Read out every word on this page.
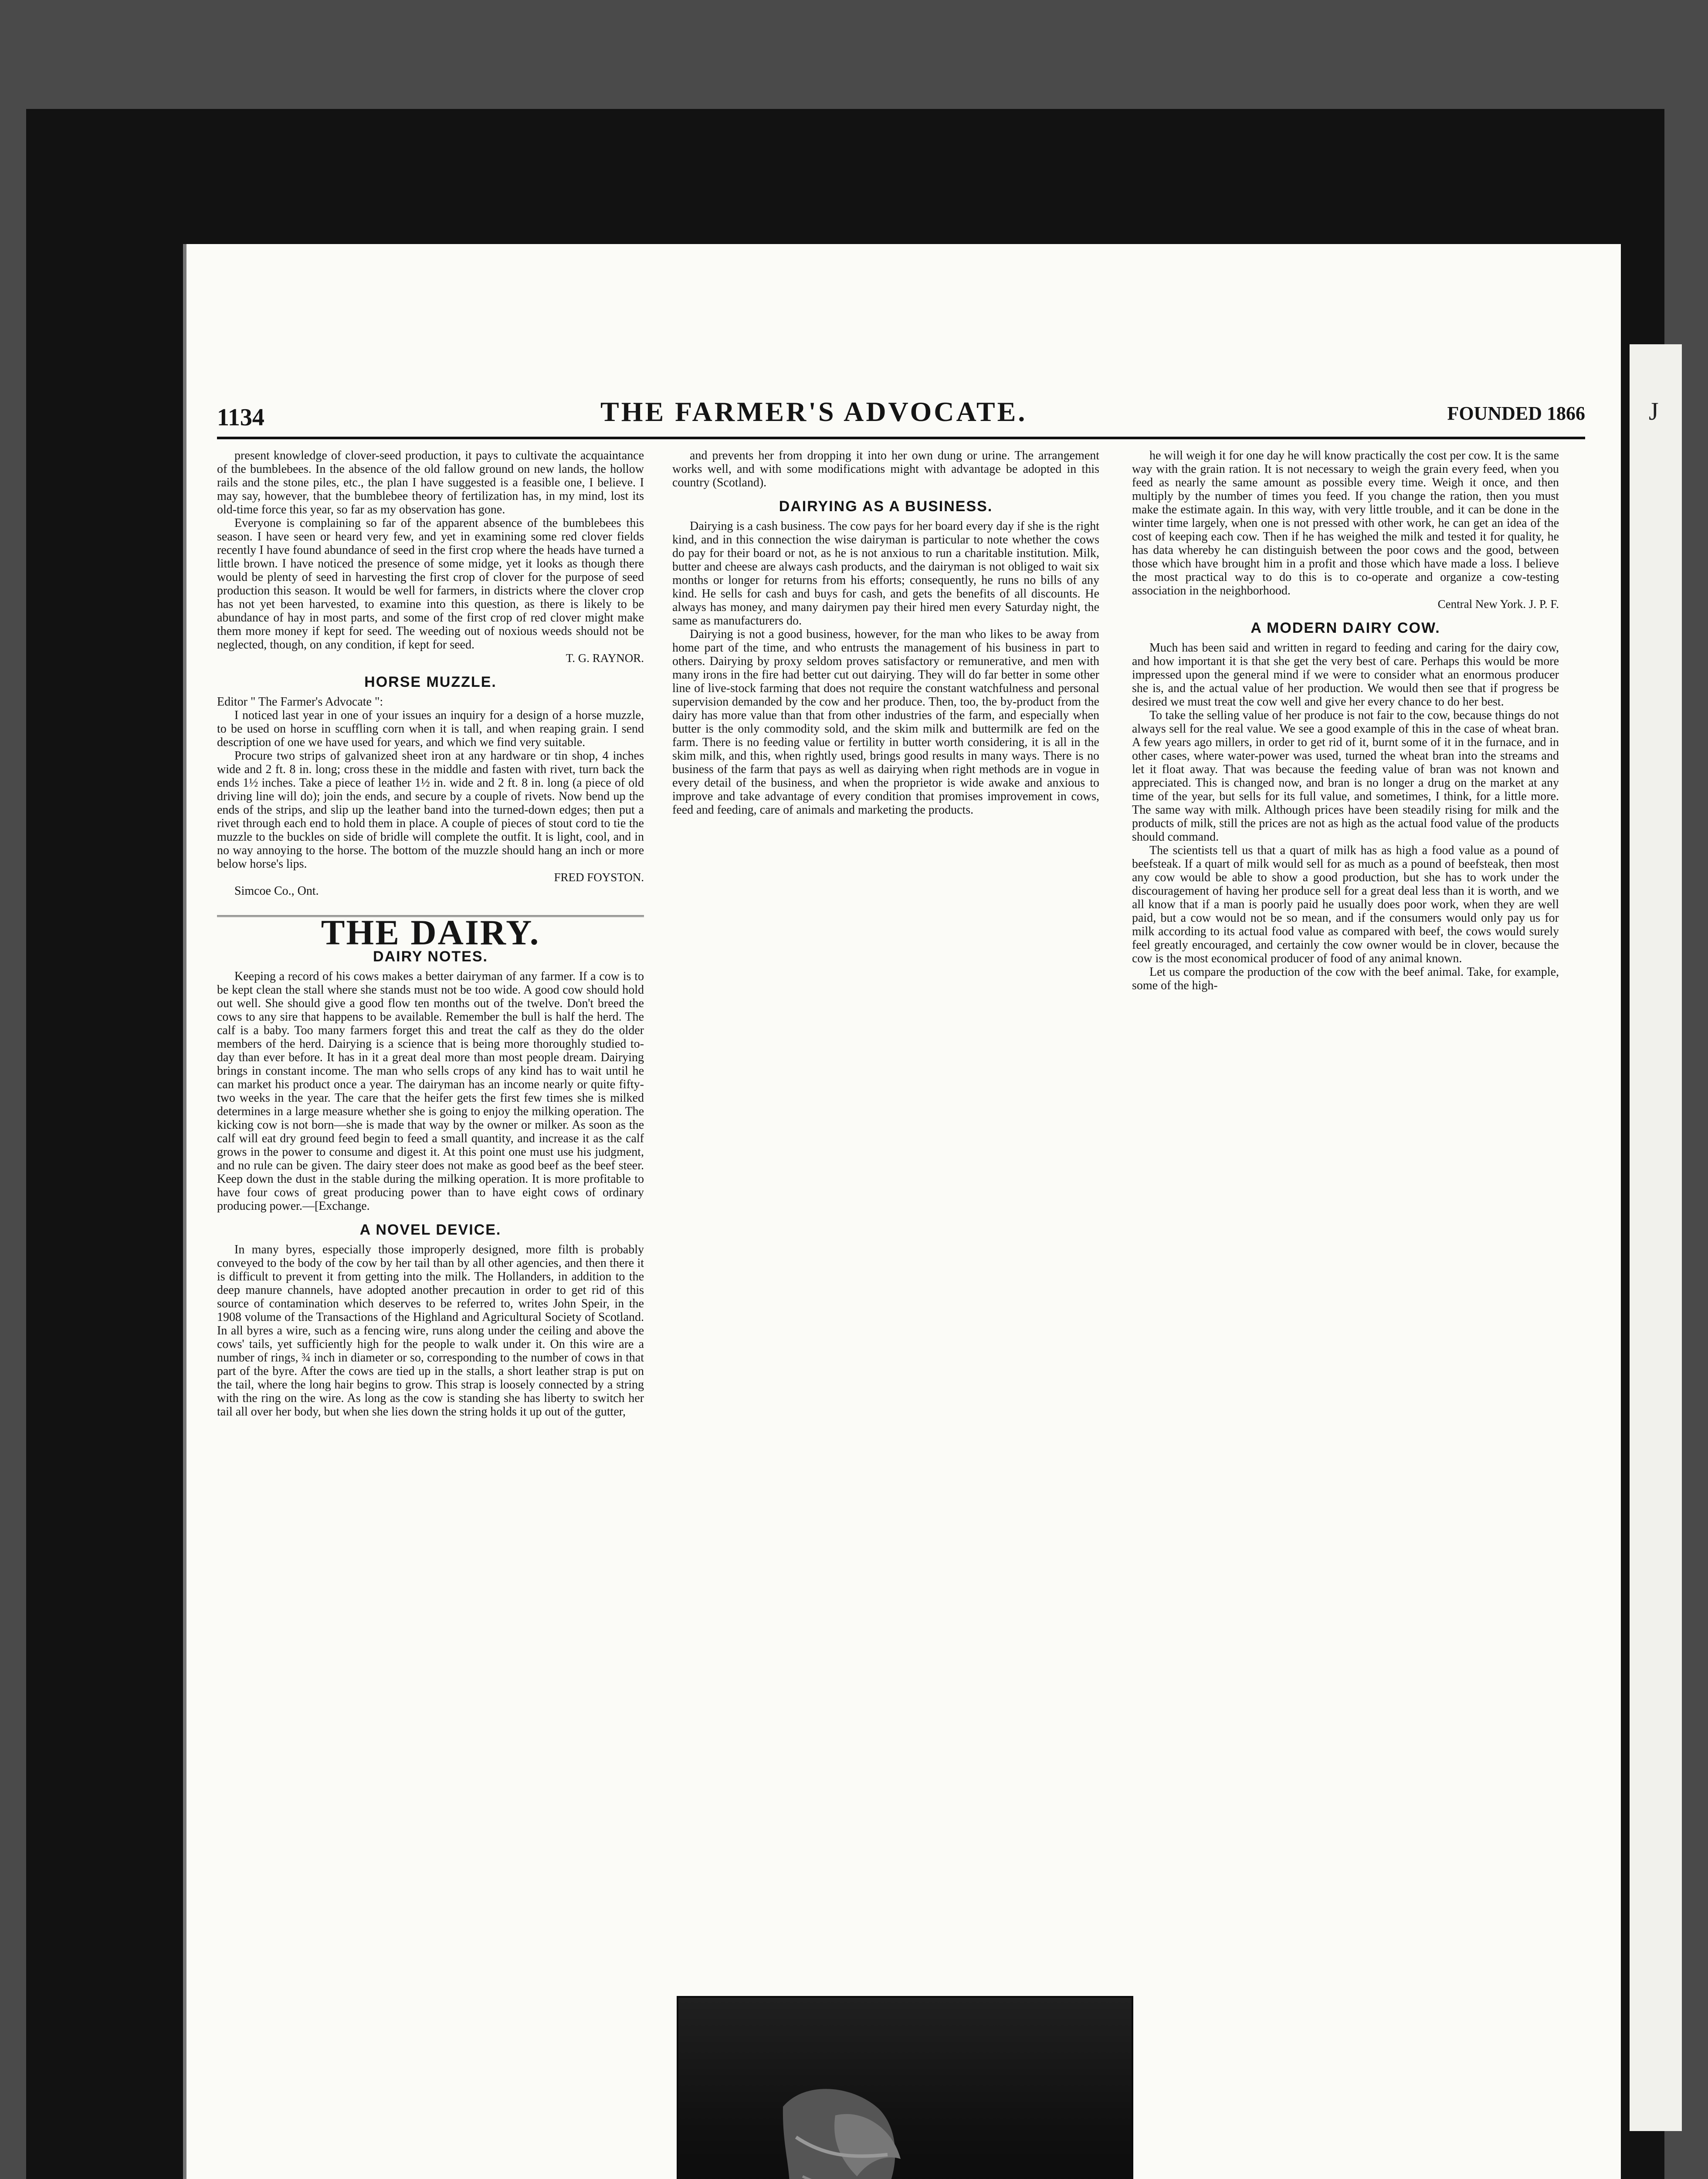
J
1134	THE FARMER'S ADVOCATE.	FOUNDED 1866

present knowledge of clover-seed production, it pays to cultivate the acquaintance of the bumblebees. In the absence of the old fallow ground on new lands, the hollow rails and the stone piles, etc., the plan I have suggested is a feasible one, I believe. I may say, however, that the bumblebee theory of fertilization has, in my mind, lost its old-time force this year, so far as my observation has gone.

Everyone is complaining so far of the apparent absence of the bumblebees this season. I have seen or heard very few, and yet in examining some red clover fields recently I have found abundance of seed in the first crop where the heads have turned a little brown. I have noticed the presence of some midge, yet it looks as though there would be plenty of seed in harvesting the first crop of clover for the purpose of seed production this season. It would be well for farmers, in districts where the clover crop has not yet been harvested, to examine into this question, as there is likely to be abundance of hay in most parts, and some of the first crop of red clover might make them more money if kept for seed. The weeding out of noxious weeds should not be neglected, though, on any condition, if kept for seed.

T. G. RAYNOR.

HORSE MUZZLE.

Editor " The Farmer's Advocate ":

I noticed last year in one of your issues an inquiry for a design of a horse muzzle, to be used on horse in scuffling corn when it is tall, and when reaping grain. I send description of one we have used for years, and which we find very suitable.

Procure two strips of galvanized sheet iron at any hardware or tin shop, 4 inches wide and 2 ft. 8 in. long; cross these in the middle and fasten with rivet, turn back the ends 1½ inches. Take a piece of leather 1½ in. wide and 2 ft. 8 in. long (a piece of old driving line will do); join the ends, and secure by a couple of rivets. Now bend up the ends of the strips, and slip up the leather band into the turned-down edges; then put a rivet through each end to hold them in place. A couple of pieces of stout cord to tie the muzzle to the buckles on side of bridle will complete the outfit. It is light, cool, and in no way annoying to the horse. The bottom of the muzzle should hang an inch or more below horse's lips.

FRED FOYSTON.

Simcoe Co., Ont.

THE DAIRY.
DAIRY NOTES.

Keeping a record of his cows makes a better dairyman of any farmer. If a cow is to be kept clean the stall where she stands must not be too wide. A good cow should hold out well. She should give a good flow ten months out of the twelve. Don't breed the cows to any sire that happens to be available. Remember the bull is half the herd. The calf is a baby. Too many farmers forget this and treat the calf as they do the older members of the herd. Dairying is a science that is being more thoroughly studied to-day than ever before. It has in it a great deal more than most people dream. Dairying brings in constant income. The man who sells crops of any kind has to wait until he can market his product once a year. The dairyman has an income nearly or quite fifty-two weeks in the year. The care that the heifer gets the first few times she is milked determines in a large measure whether she is going to enjoy the milking operation. The kicking cow is not born—she is made that way by the owner or milker. As soon as the calf will eat dry ground feed begin to feed a small quantity, and increase it as the calf grows in the power to consume and digest it. At this point one must use his judgment, and no rule can be given. The dairy steer does not make as good beef as the beef steer. Keep down the dust in the stable during the milking operation. It is more profitable to have four cows of great producing power than to have eight cows of ordinary producing power.—[Exchange.

A NOVEL DEVICE.

In many byres, especially those improperly designed, more filth is probably conveyed to the body of the cow by her tail than by all other agencies, and then there it is difficult to prevent it from getting into the milk. The Hollanders, in addition to the deep manure channels, have adopted another precaution in order to get rid of this source of contamination which deserves to be referred to, writes John Speir, in the 1908 volume of the Transactions of the Highland and Agricultural Society of Scotland. In all byres a wire, such as a fencing wire, runs along under the ceiling and above the cows' tails, yet sufficiently high for the people to walk under it. On this wire are a number of rings, ¾ inch in diameter or so, corresponding to the number of cows in that part of the byre. After the cows are tied up in the stalls, a short leather strap is put on the tail, where the long hair begins to grow. This strap is loosely connected by a string with the ring on the wire. As long as the cow is standing she has liberty to switch her tail all over her body, but when she lies down the string holds it up out of the gutter,

and prevents her from dropping it into her own dung or urine. The arrangement works well, and with some modifications might with advantage be adopted in this country (Scotland).

DAIRYING AS A BUSINESS.

Dairying is a cash business. The cow pays for her board every day if she is the right kind, and in this connection the wise dairyman is particular to note whether the cows do pay for their board or not, as he is not anxious to run a charitable institution. Milk, butter and cheese are always cash products, and the dairyman is not obliged to wait six months or longer for returns from his efforts; consequently, he runs no bills of any kind. He sells for cash and buys for cash, and gets the benefits of all discounts. He always has money, and many dairymen pay their hired men every Saturday night, the same as manufacturers do.

Dairying is not a good business, however, for the man who likes to be away from home part of the time, and who entrusts the management of his business in part to others. Dairying by proxy seldom proves satisfactory or remunerative, and men with many irons in the fire had better cut out dairying. They will do far better in some other line of live-stock farming that does not require the constant watchfulness and personal supervision demanded by the cow and her produce. Then, too, the by-product from the dairy has more value than that from other industries of the farm, and especially when butter is the only commodity sold, and the skim milk and buttermilk are fed on the farm. There is no feeding value or fertility in butter worth considering, it is all in the skim milk, and this, when rightly used, brings good results in many ways. There is no business of the farm that pays as well as dairying when right methods are in vogue in every detail of the business, and when the proprietor is wide awake and anxious to improve and take advantage of every condition that promises improvement in cows, feed and feeding, care of animals and marketing the products.

he will weigh it for one day he will know practically the cost per cow. It is the same way with the grain ration. It is not necessary to weigh the grain every feed, when you feed as nearly the same amount as possible every time. Weigh it once, and then multiply by the number of times you feed. If you change the ration, then you must make the estimate again. In this way, with very little trouble, and it can be done in the winter time largely, when one is not pressed with other work, he can get an idea of the cost of keeping each cow. Then if he has weighed the milk and tested it for quality, he has data whereby he can distinguish between the poor cows and the good, between those which have brought him in a profit and those which have made a loss. I believe the most practical way to do this is to co-operate and organize a cow-testing association in the neighborhood.

Central New York. J. P. F.

A MODERN DAIRY COW.

Much has been said and written in regard to feeding and caring for the dairy cow, and how important it is that she get the very best of care. Perhaps this would be more impressed upon the general mind if we were to consider what an enormous producer she is, and the actual value of her production. We would then see that if progress be desired we must treat the cow well and give her every chance to do her best.

To take the selling value of her produce is not fair to the cow, because things do not always sell for the real value. We see a good example of this in the case of wheat bran. A few years ago millers, in order to get rid of it, burnt some of it in the furnace, and in other cases, where water-power was used, turned the wheat bran into the streams and let it float away. That was because the feeding value of bran was not known and appreciated. This is changed now, and bran is no longer a drug on the market at any time of the year, but sells for its full value, and sometimes, I think, for a little more. The same way with milk. Although prices have been steadily rising for milk and the products of milk, still the prices are not as high as the actual food value of the products should command.

The scientists tell us that a quart of milk has as high a food value as a pound of beefsteak. If a quart of milk would sell for as much as a pound of beefsteak, then most any cow would be able to show a good production, but she has to work under the discouragement of having her produce sell for a great deal less than it is worth, and we all know that if a man is poorly paid he usually does poor work, when they are well paid, but a cow would not be so mean, and if the consumers would only pay us for milk according to its actual food value as compared with beef, the cows would surely feel greatly encouraged, and certainly the cow owner would be in clover, because the cow is the most economical producer of food of any animal known.

Let us compare the production of the cow with the beef animal. Take, for example, some of the high-
